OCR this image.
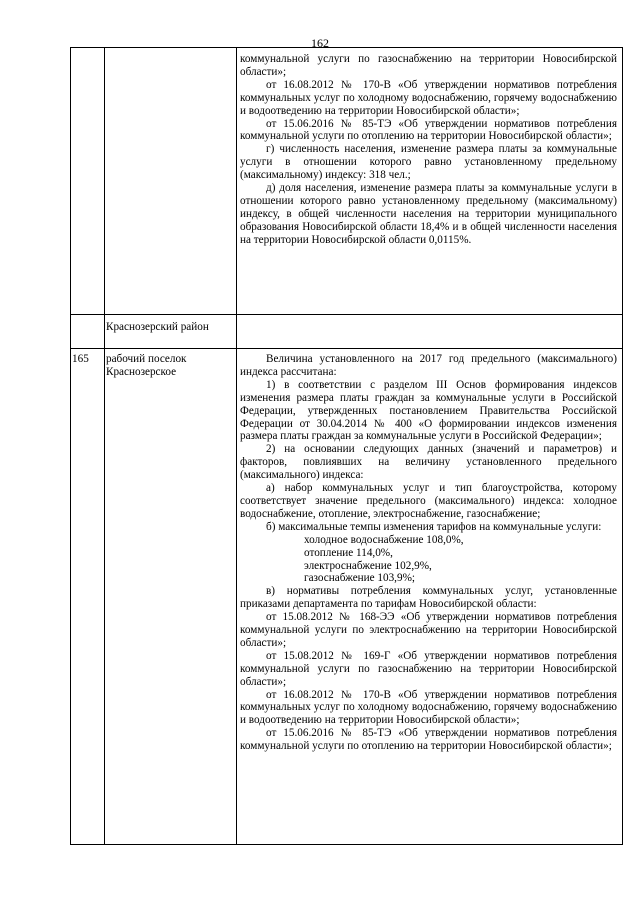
162

коммунальной услуги по газоснабжению на территории Новосибирской области»;

от 16.08.2012 № 170-В «Об утверждении нормативов потребления коммунальных услуг по холодному водоснабжению, горячему водоснабжению и водоотведению на территории Новосибирской области»;

от 15.06.2016 № 85-ТЭ «Об утверждении нормативов потребления коммунальной услуги по отоплению на территории Новосибирской области»;

г) численность населения, изменение размера платы за коммунальные услуги в отношении которого равно установленному предельному (максимальному) индексу: 318 чел.;

д) доля населения, изменение размера платы за коммунальные услуги в отношении которого равно установленному предельному (максимальному) индексу, в общей численности населения на территории муниципального образования Новосибирской области 18,4% и в общей численности населения на территории Новосибирской области 0,0115%.

Краснозерский район
165	рабочий поселок Краснозерское

Величина установленного на 2017 год предельного (максимального) индекса рассчитана:

1) в соответствии с разделом III Основ формирования индексов изменения размера платы граждан за коммунальные услуги в Российской Федерации, утвержденных постановлением Правительства Российской Федерации от 30.04.2014 № 400 «О формировании индексов изменения размера платы граждан за коммунальные услуги в Российской Федерации»;

2) на основании следующих данных (значений и параметров) и факторов, повлиявших на величину установленного предельного (максимального) индекса:

а) набор коммунальных услуг и тип благоустройства, которому соответствует значение предельного (максимального) индекса: холодное водоснабжение, отопление, электроснабжение, газоснабжение;

б) максимальные темпы изменения тарифов на коммунальные услуги:

холодное водоснабжение 108,0%,

отопление 114,0%,

электроснабжение 102,9%,

газоснабжение 103,9%;

в) нормативы потребления коммунальных услуг, установленные приказами департамента по тарифам Новосибирской области:

от 15.08.2012 № 168-ЭЭ «Об утверждении нормативов потребления коммунальной услуги по электроснабжению на территории Новосибирской области»;

от 15.08.2012 № 169-Г «Об утверждении нормативов потребления коммунальной услуги по газоснабжению на территории Новосибирской области»;

от 16.08.2012 № 170-В «Об утверждении нормативов потребления коммунальных услуг по холодному водоснабжению, горячему водоснабжению и водоотведению на территории Новосибирской области»;

от 15.06.2016 № 85-ТЭ «Об утверждении нормативов потребления коммунальной услуги по отоплению на территории Новосибирской области»;
